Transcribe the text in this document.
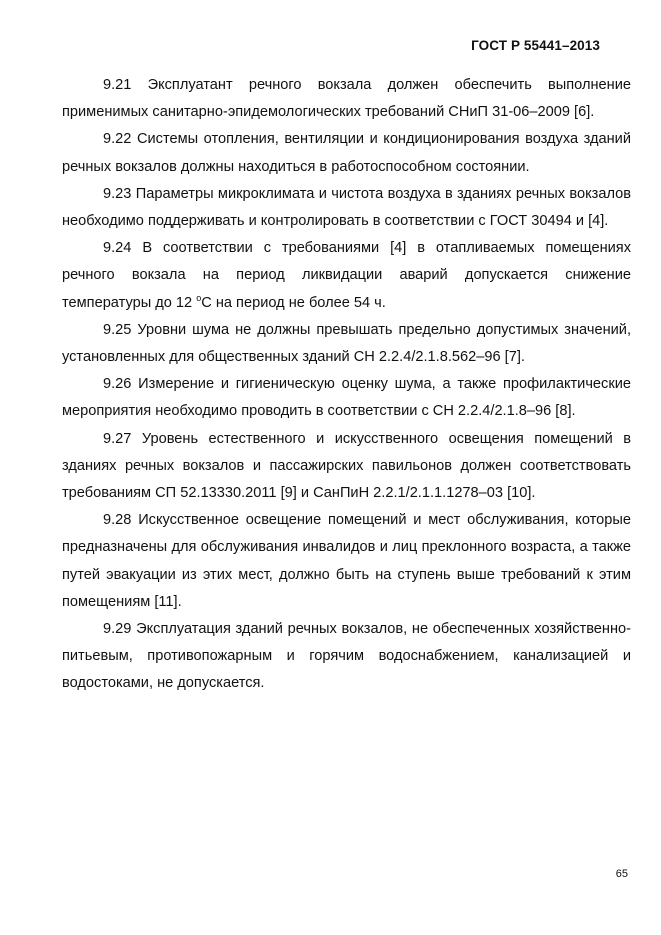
ГОСТ Р 55441–2013

9.21 Эксплуатант речного вокзала должен обеспечить выполнение применимых санитарно-эпидемологических требований СНиП 31-06–2009 [6].

9.22 Системы отопления, вентиляции и кондиционирования воздуха зданий речных вокзалов должны находиться в работоспособном состоянии.

9.23 Параметры микроклимата и чистота воздуха в зданиях речных вокзалов необходимо поддерживать и контролировать в соответствии с ГОСТ 30494 и [4].

9.24 В соответствии с требованиями [4] в отапливаемых помещениях речного вокзала на период ликвидации аварий допускается снижение температуры до 12 $^o$С на период не более 54 ч.

9.25 Уровни шума не должны превышать предельно допустимых значений, установленных для общественных зданий СН 2.2.4/2.1.8.562–96 [7].

9.26 Измерение и гигиеническую оценку шума, а также профилактические мероприятия необходимо проводить в соответствии с СН 2.2.4/2.1.8–96 [8].

9.27 Уровень естественного и искусственного освещения помещений в зданиях речных вокзалов и пассажирских павильонов должен соответствовать требованиям СП 52.13330.2011 [9] и СанПиН 2.2.1/2.1.1.1278–03 [10].

9.28 Искусственное освещение помещений и мест обслуживания, которые предназначены для обслуживания инвалидов и лиц преклонного возраста, а также путей эвакуации из этих мест, должно быть на ступень выше требований к этим помещениям [11].

9.29 Эксплуатация зданий речных вокзалов, не обеспеченных хозяйственно-питьевым, противопожарным и горячим водоснабжением, канализацией и водостоками, не допускается.

65
